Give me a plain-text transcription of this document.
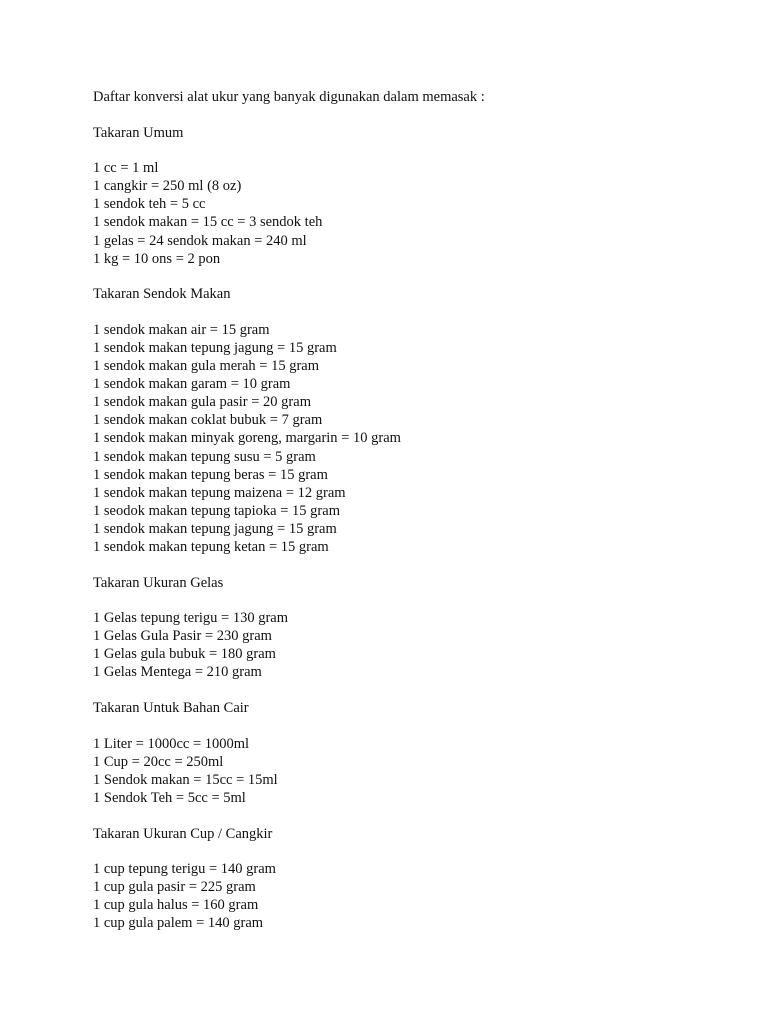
Daftar konversi alat ukur yang banyak digunakan dalam memasak :
Takaran Umum
1 cc = 1 ml
1 cangkir = 250 ml (8 oz)
1 sendok teh = 5 cc
1 sendok makan = 15 cc = 3 sendok teh
1 gelas = 24 sendok makan = 240 ml
1 kg = 10 ons = 2 pon
Takaran Sendok Makan
1 sendok makan air = 15 gram
1 sendok makan tepung jagung = 15 gram
1 sendok makan gula merah = 15 gram
1 sendok makan garam = 10 gram
1 sendok makan gula pasir = 20 gram
1 sendok makan coklat bubuk = 7 gram
1 sendok makan minyak goreng, margarin = 10 gram
1 sendok makan tepung susu = 5 gram
1 sendok makan tepung beras = 15 gram
1 sendok makan tepung maizena = 12 gram
1 seodok makan tepung tapioka = 15 gram
1 sendok makan tepung jagung = 15 gram
1 sendok makan tepung ketan = 15 gram
Takaran Ukuran Gelas
1 Gelas tepung terigu = 130 gram
1 Gelas Gula Pasir = 230 gram
1 Gelas gula bubuk = 180 gram
1 Gelas Mentega = 210 gram
Takaran Untuk Bahan Cair
1 Liter = 1000cc = 1000ml
1 Cup = 20cc = 250ml
1 Sendok makan = 15cc = 15ml
1 Sendok Teh = 5cc = 5ml
Takaran Ukuran Cup / Cangkir
1 cup tepung terigu = 140 gram
1 cup gula pasir = 225 gram
1 cup gula halus = 160 gram
1 cup gula palem = 140 gram
